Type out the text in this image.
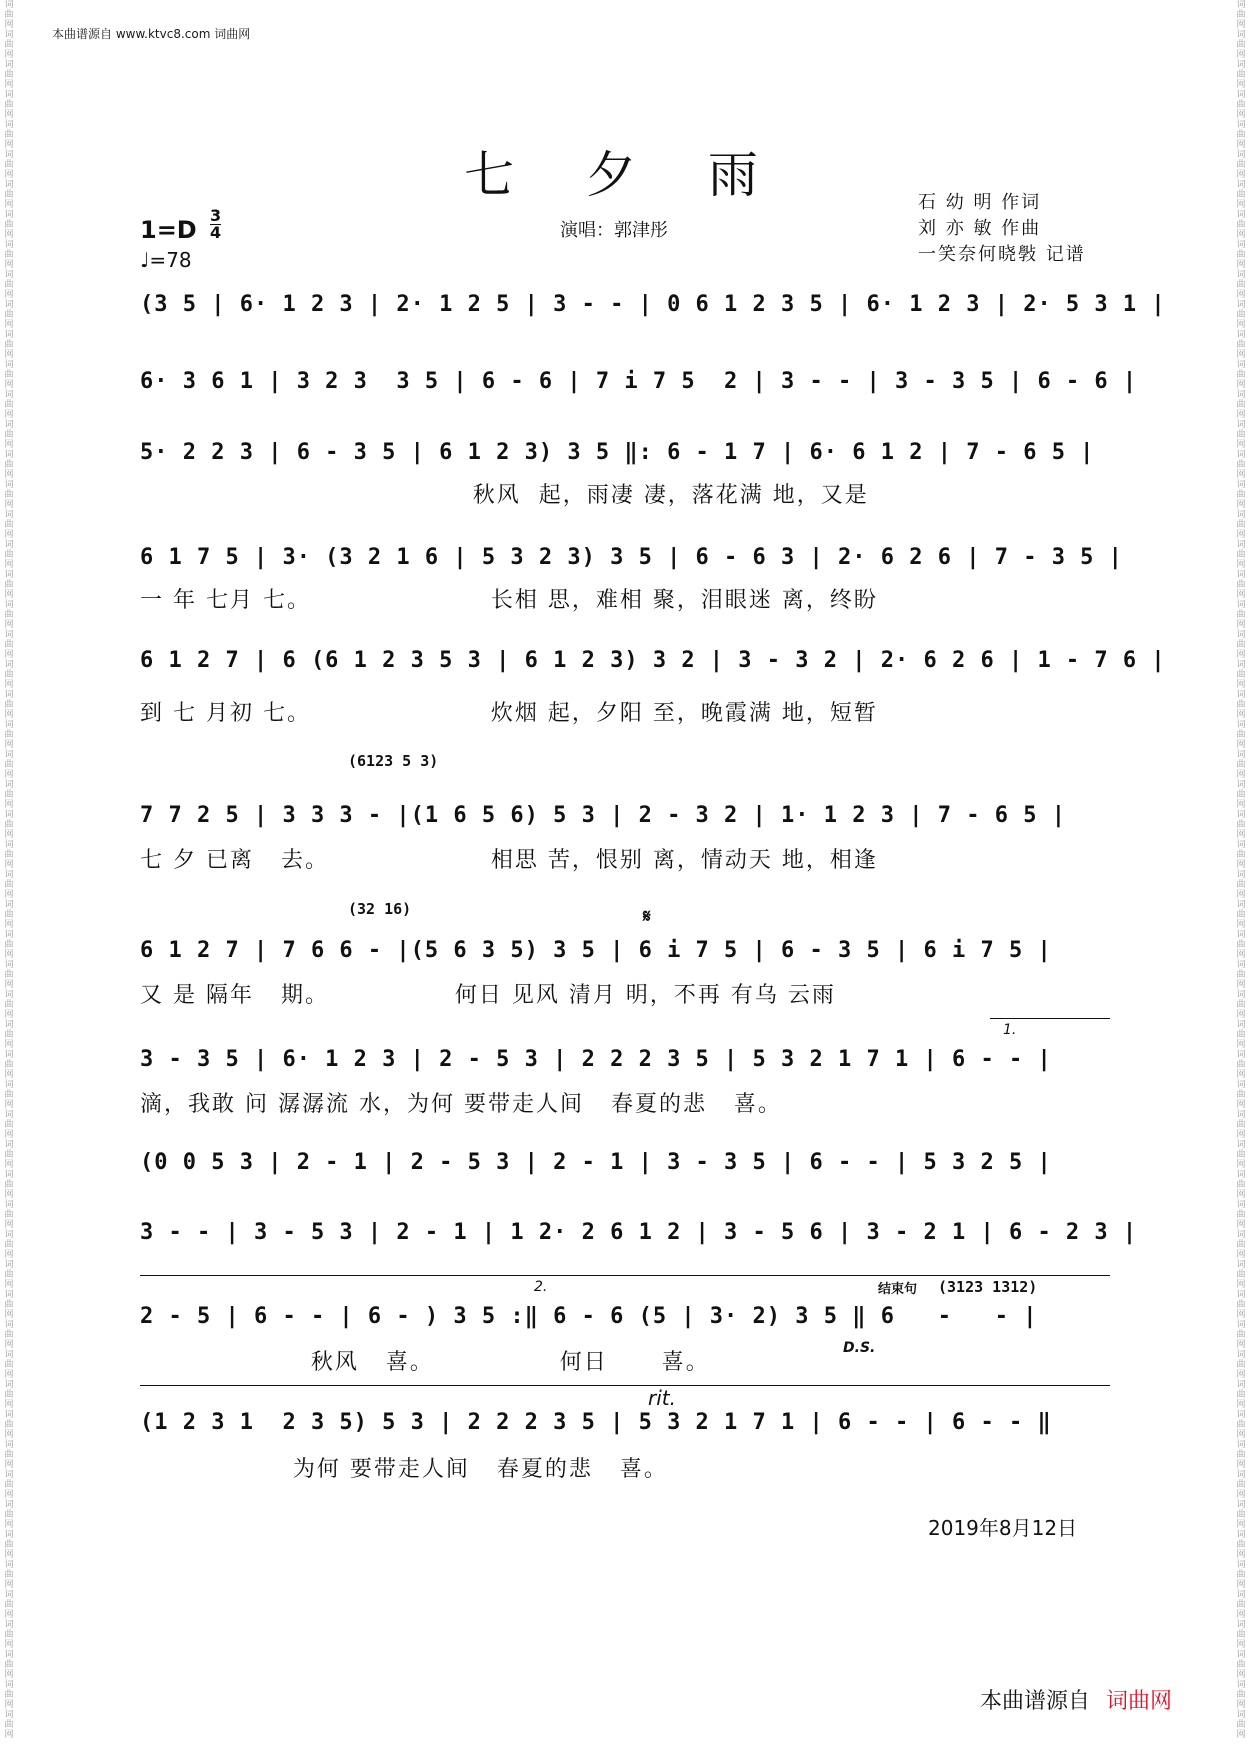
词曲网词曲网词曲网词曲网词曲网词曲网词曲网词曲网词曲网词曲网词曲网词曲网词曲网词曲网词曲网词曲网词曲网词曲网词曲网词曲网词曲网词曲网词曲网词曲网词曲网词曲网词曲网词曲网词曲网词曲网词曲网词曲网词曲网词曲网词曲网词曲网词曲网词曲网词曲网词曲网词曲网词曲网词曲网词曲网词曲网词曲网词曲网词曲网词曲网词曲网词曲网词曲网词曲网词曲网词曲网词曲网词曲网词曲网
词曲网词曲网词曲网词曲网词曲网词曲网词曲网词曲网词曲网词曲网词曲网词曲网词曲网词曲网词曲网词曲网词曲网词曲网词曲网词曲网词曲网词曲网词曲网词曲网词曲网词曲网词曲网词曲网词曲网词曲网词曲网词曲网词曲网词曲网词曲网词曲网词曲网词曲网词曲网词曲网词曲网词曲网词曲网词曲网词曲网词曲网词曲网词曲网词曲网词曲网词曲网词曲网词曲网词曲网词曲网词曲网词曲网词曲网
本曲谱源自 www.ktvc8.com 词曲网
七 夕 雨
1=D
3
4
♩=78
演唱：郭津彤
石 幼 明 作词
刘 亦 敏 作曲
一笑奈何晓斅 记谱
(3 5 | 6· 1 2 3 | 2· 1 2 5 | 3 - - | 0 6 1 2 3 5 | 6· 1 2 3 | 2· 5 3 1 |
6· 3 6 1 | 3 2 3  3 5 | 6 - 6 | 7 i 7 5  2 | 3 - - | 3 - 3 5 | 6 - 6 |
5· 2 2 3 | 6 - 3 5 | 6 1 2 3) 3 5 ‖: 6 - 1 7 | 6· 6 1 2 | 7 - 6 5 |
秋风  起，雨凄 凄，落花满 地，又是
6 1 7 5 | 3· (3 2 1 6 | 5 3 2 3) 3 5 | 6 - 6 3 | 2· 6 2 6 | 7 - 3 5 |
一 年 七月 七。                    长相 思，难相 聚，泪眼迷 离，终盼
6 1 2 7 | 6 (6 1 2 3 5 3 | 6 1 2 3) 3 2 | 3 - 3 2 | 2· 6 2 6 | 1 - 7 6 |
到 七 月初 七。                    炊烟 起，夕阳 至，晚霞满 地，短暂
(6123 5 3)
7 7 2 5 | 3 3 3 - |(1 6 5 6) 5 3 | 2 - 3 2 | 1· 1 2 3 | 7 - 6 5 |
七 夕 已离   去。                  相思 苦，恨别 离，情动天 地，相逢
(32 16)	𝄋
6 1 2 7 | 7 6 6 - |(5 6 3 5) 3 5 | 6 i 7 5 | 6 - 3 5 | 6 i 7 5 |
又 是 隔年   期。              何日 见风 清月 明，不再 有乌 云雨
1.
3 - 3 5 | 6· 1 2 3 | 2 - 5 3 | 2 2 2 3 5 | 5 3 2 1 7 1 | 6 - - |
滴，我敢 问 潺潺流 水，为何 要带走人间   春夏的悲   喜。
(0 0 5 3 | 2 - 1 | 2 - 5 3 | 2 - 1 | 3 - 3 5 | 6 - - | 5 3 2 5 |
3 - - | 3 - 5 3 | 2 - 1 | 1 2· 2 6 1 2 | 3 - 5 6 | 3 - 2 1 | 6 - 2 3 |
2.	结束句 (3123 1312)
2 - 5 | 6 - - | 6 - ) 3 5 :‖ 6 - 6 (5 | 3· 2) 3 5 ‖ 6   -   - |
D.S.
秋风   喜。              何日      喜。
rit.
(1 2 3 1  2 3 5) 5 3 | 2 2 2 3 5 | 5 3 2 1 7 1 | 6 - - | 6 - - ‖
为何 要带走人间   春夏的悲   喜。
2019年8月12日
本曲谱源自 词曲网
